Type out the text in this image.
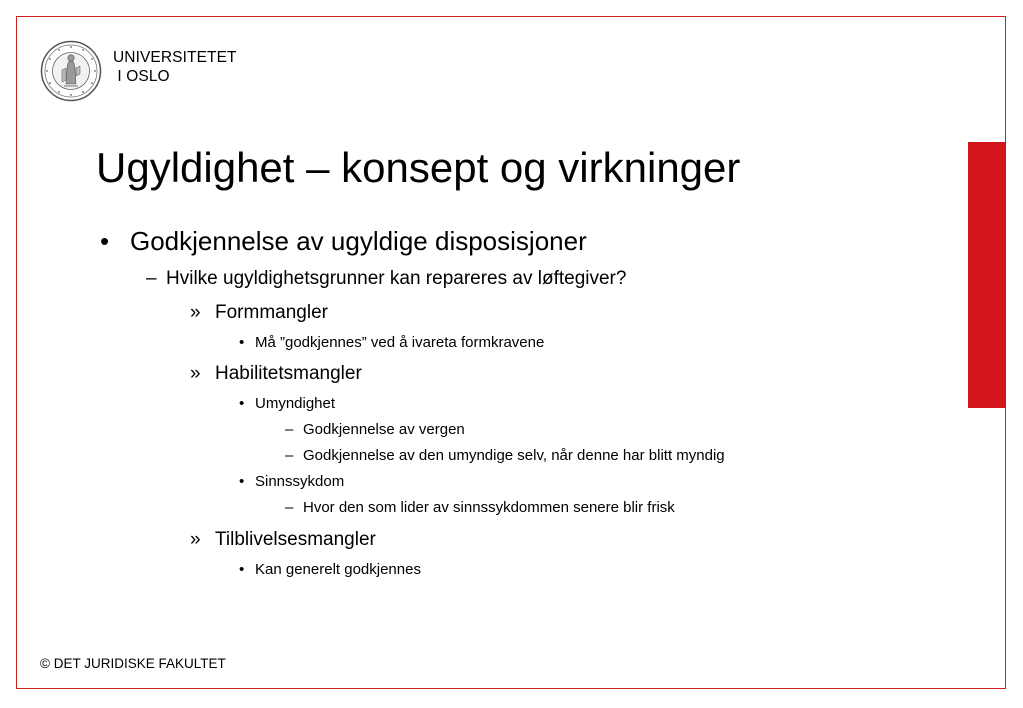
UNIVERSITETET
I OSLO
Ugyldighet – konsept og virkninger
• Godkjennelse av ugyldige disposisjoner
– Hvilke ugyldighetsgrunner kan repareres av løftegiver?
» Formmangler
• Må ”godkjennes” ved å ivareta formkravene
» Habilitetsmangler
• Umyndighet
– Godkjennelse av vergen
– Godkjennelse av den umyndige selv, når denne har blitt myndig
• Sinnssykdom
– Hvor den som lider av sinnssykdommen senere blir frisk
» Tilblivelsesmangler
• Kan generelt godkjennes
© DET JURIDISKE FAKULTET
